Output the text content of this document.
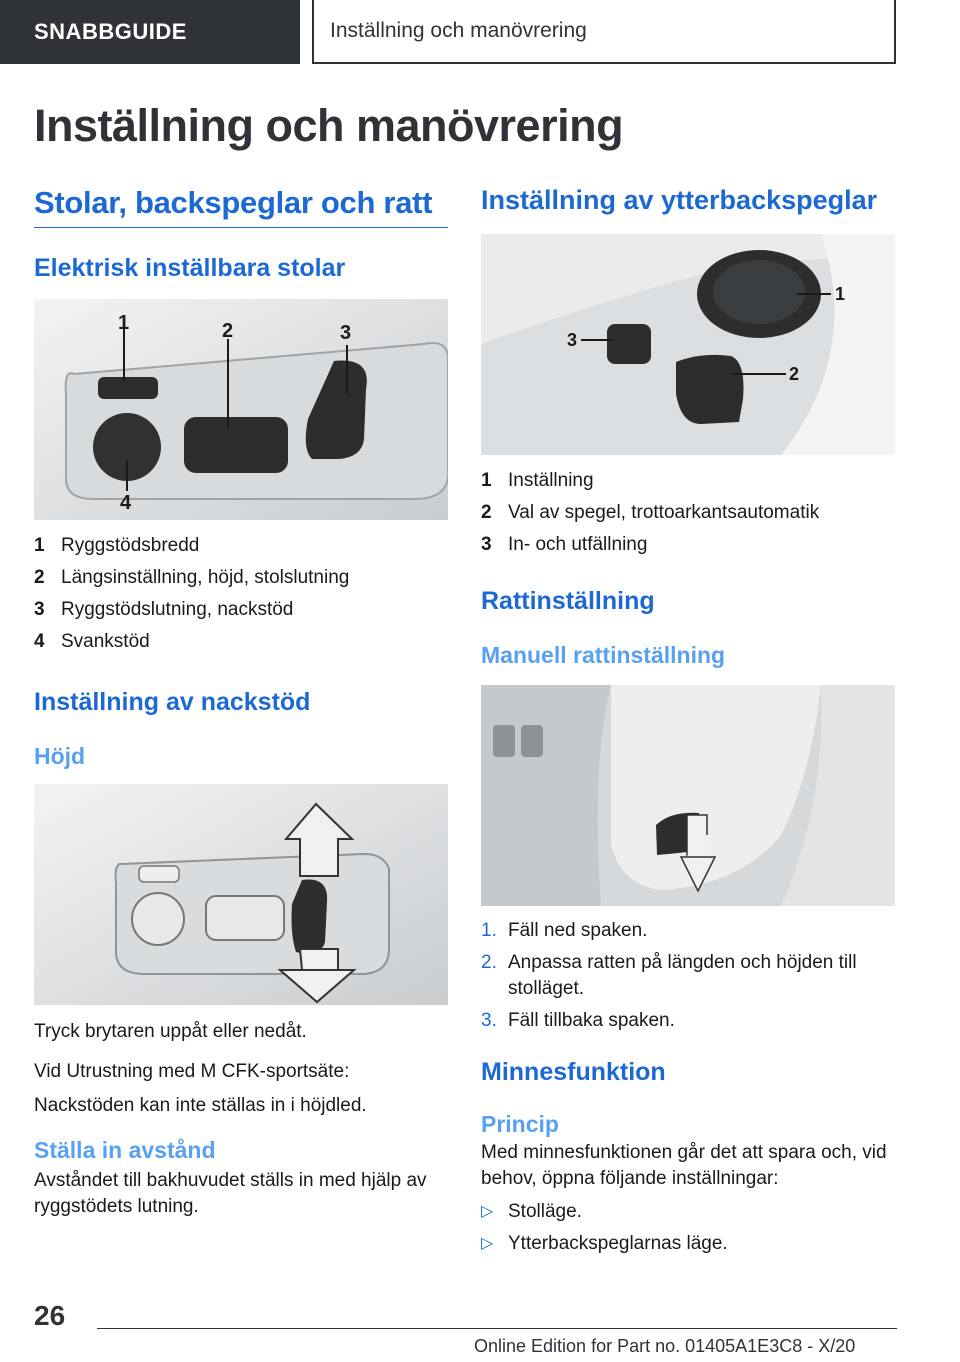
SNABBGUIDE	Inställning och manövrering
Inställning och manövrering
Stolar, backspeglar och ratt
Elektrisk inställbara stolar
1	2	3
4
1 Ryggstödsbredd
2 Längsinställning, höjd, stolslutning
3 Ryggstödslutning, nackstöd
4 Svankstöd
Inställning av nackstöd
Höjd

Tryck brytaren uppåt eller nedåt.

Vid Utrustning med M CFK-sportsäte:

Nackstöden kan inte ställas in i höjdled.

Ställa in avstånd

Avståndet till bakhuvudet ställs in med hjälp av ryggstödets lutning.

Inställning av ytterbackspeglar
1
2
3
1 Inställning
2 Val av spegel, trottoarkantsautomatik
3 In- och utfällning
Rattinställning
Manuell rattinställning
1. Fäll ned spaken.
2. Anpassa ratten på längden och höjden till stolläget.
3. Fäll tillbaka spaken.
Minnesfunktion
Princip

Med minnesfunktionen går det att spara och, vid behov, öppna följande inställningar:

▷ Stolläge.
▷ Ytterbackspeglarnas läge.
26
Online Edition for Part no. 01405A1E3C8 - X/20
